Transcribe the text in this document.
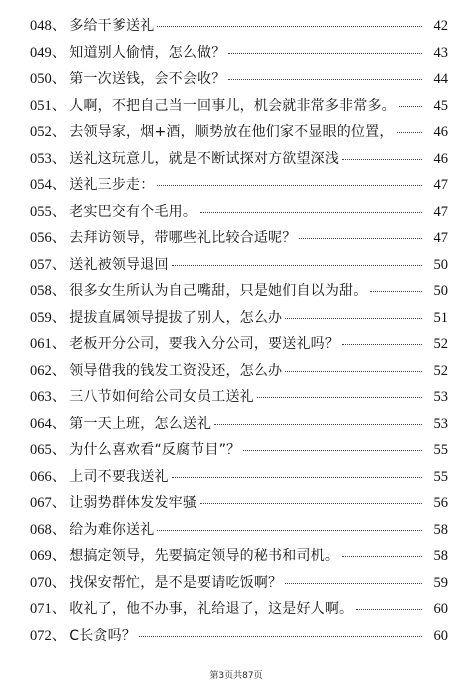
048 、 多给干爹送礼	42
049 、 知道别人偷情，怎么做？	43
050 、 第一次送钱，会不会收？	44
051 、 人啊，不把自己当一回事儿，机会就非常多非常多。	45
052 、 去领导家，烟+酒，顺势放在他们家不显眼的位置，	46
053 、 送礼这玩意儿，就是不断试探对方欲望深浅	46
054 、 送礼三步走：	47
055 、 老实巴交有个毛用。	47
056 、 去拜访领导，带哪些礼比较合适呢？	47
057 、 送礼被领导退回	50
058 、 很多女生所认为自己嘴甜，只是她们自以为甜。	50
059 、 提拔直属领导提拔了别人，怎么办	51
061 、 老板开分公司，要我入分公司，要送礼吗？	52
062 、 领导借我的钱发工资没还，怎么办	52
063 、 三八节如何给公司女员工送礼	53
064 、 第一天上班，怎么送礼	53
065 、 为什么喜欢看“反腐节目”？	55
066 、 上司不要我送礼	55
067 、 让弱势群体发发牢骚	56
068 、 给为难你送礼	58
069 、 想搞定领导，先要搞定领导的秘书和司机。	58
070 、 找保安帮忙，是不是要请吃饭啊？	59
071 、 收礼了，他不办事，礼给退了，这是好人啊。	60
072 、 C长贪吗？	60
第3页共87页
